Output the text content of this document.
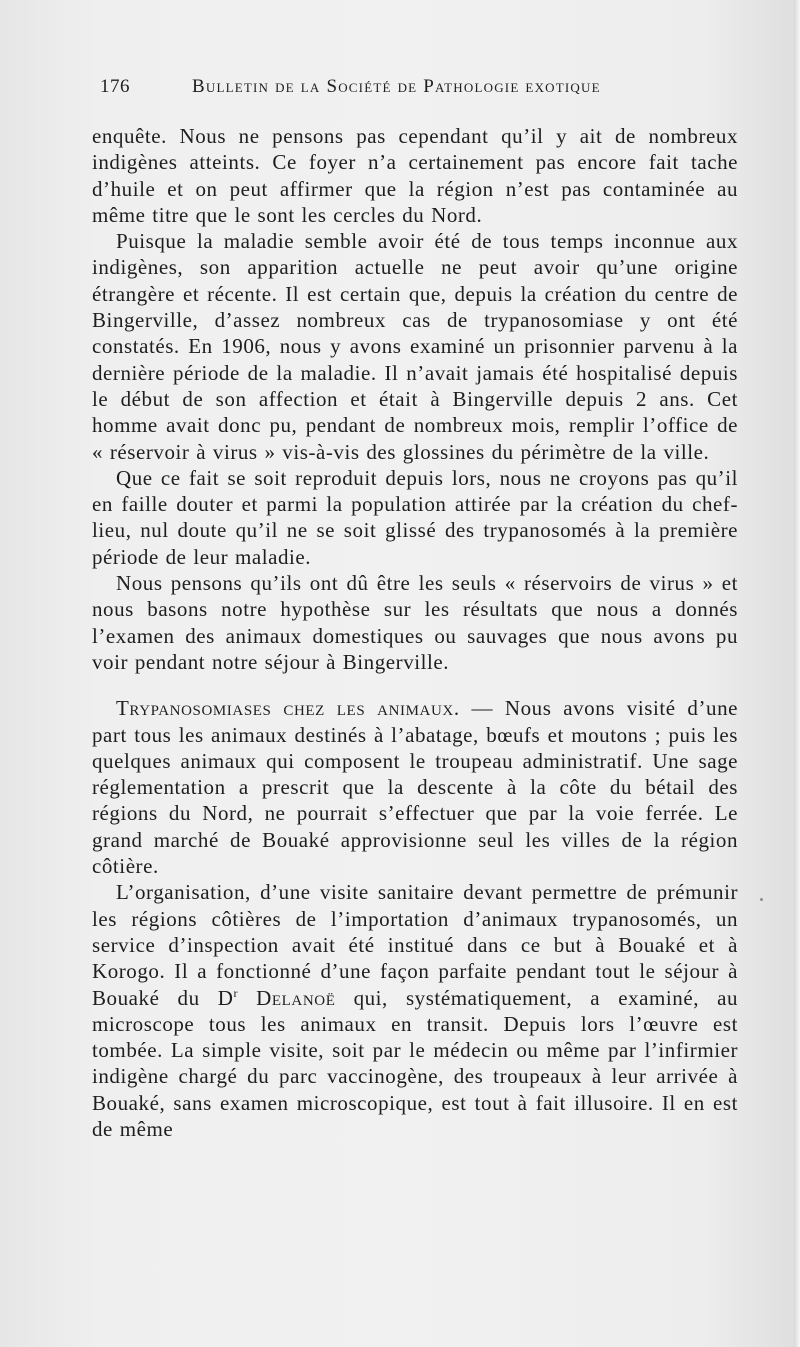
176	Bulletin de la Société de Pathologie exotique

enquête. Nous ne pensons pas cependant qu’il y ait de nombreux indigènes atteints. Ce foyer n’a certainement pas encore fait tache d’huile et on peut affirmer que la région n’est pas contaminée au même titre que le sont les cercles du Nord.

Puisque la maladie semble avoir été de tous temps inconnue aux indigènes, son apparition actuelle ne peut avoir qu’une origine étrangère et récente. Il est certain que, depuis la création du centre de Bingerville, d’assez nombreux cas de trypanosomiase y ont été constatés. En 1906, nous y avons examiné un prisonnier parvenu à la dernière période de la maladie. Il n’avait jamais été hospitalisé depuis le début de son affection et était à Bingerville depuis 2 ans. Cet homme avait donc pu, pendant de nombreux mois, remplir l’office de « réservoir à virus » vis-à-vis des glossines du périmètre de la ville.

Que ce fait se soit reproduit depuis lors, nous ne croyons pas qu’il en faille douter et parmi la population attirée par la création du chef-lieu, nul doute qu’il ne se soit glissé des trypanosomés à la première période de leur maladie.

Nous pensons qu’ils ont dû être les seuls « réservoirs de virus » et nous basons notre hypothèse sur les résultats que nous a donnés l’examen des animaux domestiques ou sauvages que nous avons pu voir pendant notre séjour à Bingerville.

Trypanosomiases chez les animaux. — Nous avons visité d’une part tous les animaux destinés à l’abatage, bœufs et moutons ; puis les quelques animaux qui composent le troupeau administratif. Une sage réglementation a prescrit que la descente à la côte du bétail des régions du Nord, ne pourrait s’effectuer que par la voie ferrée. Le grand marché de Bouaké approvisionne seul les villes de la région côtière.

L’organisation, d’une visite sanitaire devant permettre de prémunir les régions côtières de l’importation d’animaux trypanosomés, un service d’inspection avait été institué dans ce but à Bouaké et à Korogo. Il a fonctionné d’une façon parfaite pendant tout le séjour à Bouaké du $D^r$ Delanoë qui, systématiquement, a examiné, au microscope tous les animaux en transit. Depuis lors l’œuvre est tombée. La simple visite, soit par le médecin ou même par l’infirmier indigène chargé du parc vaccinogène, des troupeaux à leur arrivée à Bouaké, sans examen microscopique, est tout à fait illusoire. Il en est de même
